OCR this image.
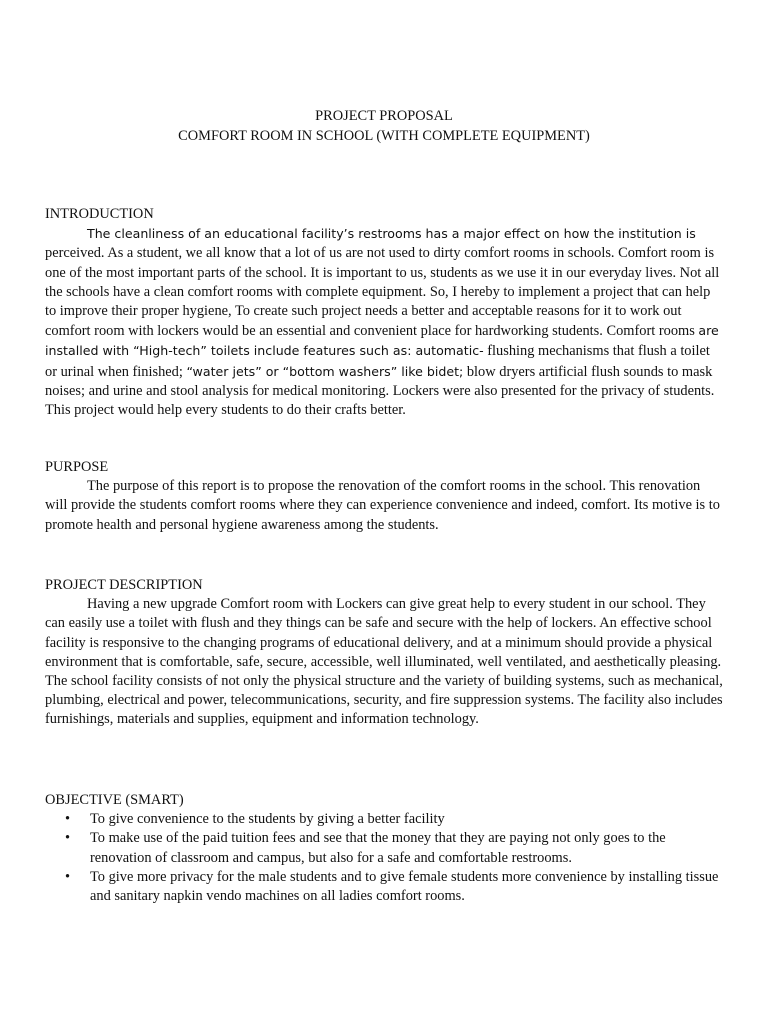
PROJECT PROPOSAL
COMFORT ROOM IN SCHOOL (WITH COMPLETE EQUIPMENT)
INTRODUCTION

The cleanliness of an educational facility’s restrooms has a major effect on how the institution is perceived. As a student, we all know that a lot of us are not used to dirty comfort rooms in schools. Comfort room is one of the most important parts of the school. It is important to us, students as we use it in our everyday lives. Not all the schools have a clean comfort rooms with complete equipment. So, I hereby to implement a project that can help to improve their proper hygiene, To create such project needs a better and acceptable reasons for it to work out comfort room with lockers would be an essential and convenient place for hardworking students. Comfort rooms are installed with “High-tech” toilets include features such as: automatic- flushing mechanisms that flush a toilet or urinal when finished; “water jets” or “bottom washers” like bidet; blow dryers artificial flush sounds to mask noises; and urine and stool analysis for medical monitoring. Lockers were also presented for the privacy of students. This project would help every students to do their crafts better.

PURPOSE

The purpose of this report is to propose the renovation of the comfort rooms in the school. This renovation will provide the students comfort rooms where they can experience convenience and indeed, comfort. Its motive is to promote health and personal hygiene awareness among the students.

PROJECT DESCRIPTION

Having a new upgrade Comfort room with Lockers can give great help to every student in our school. They can easily use a toilet with flush and they things can be safe and secure with the help of lockers. An effective school facility is responsive to the changing programs of educational delivery, and at a minimum should provide a physical environment that is comfortable, safe, secure, accessible, well illuminated, well ventilated, and aesthetically pleasing. The school facility consists of not only the physical structure and the variety of building systems, such as mechanical, plumbing, electrical and power, telecommunications, security, and fire suppression systems. The facility also includes furnishings, materials and supplies, equipment and information technology.

OBJECTIVE (SMART)
• To give convenience to the students by giving a better facility
• To make use of the paid tuition fees and see that the money that they are paying not only goes to the renovation of classroom and campus, but also for a safe and comfortable restrooms.
• To give more privacy for the male students and to give female students more convenience by installing tissue and sanitary napkin vendo machines on all ladies comfort rooms.
